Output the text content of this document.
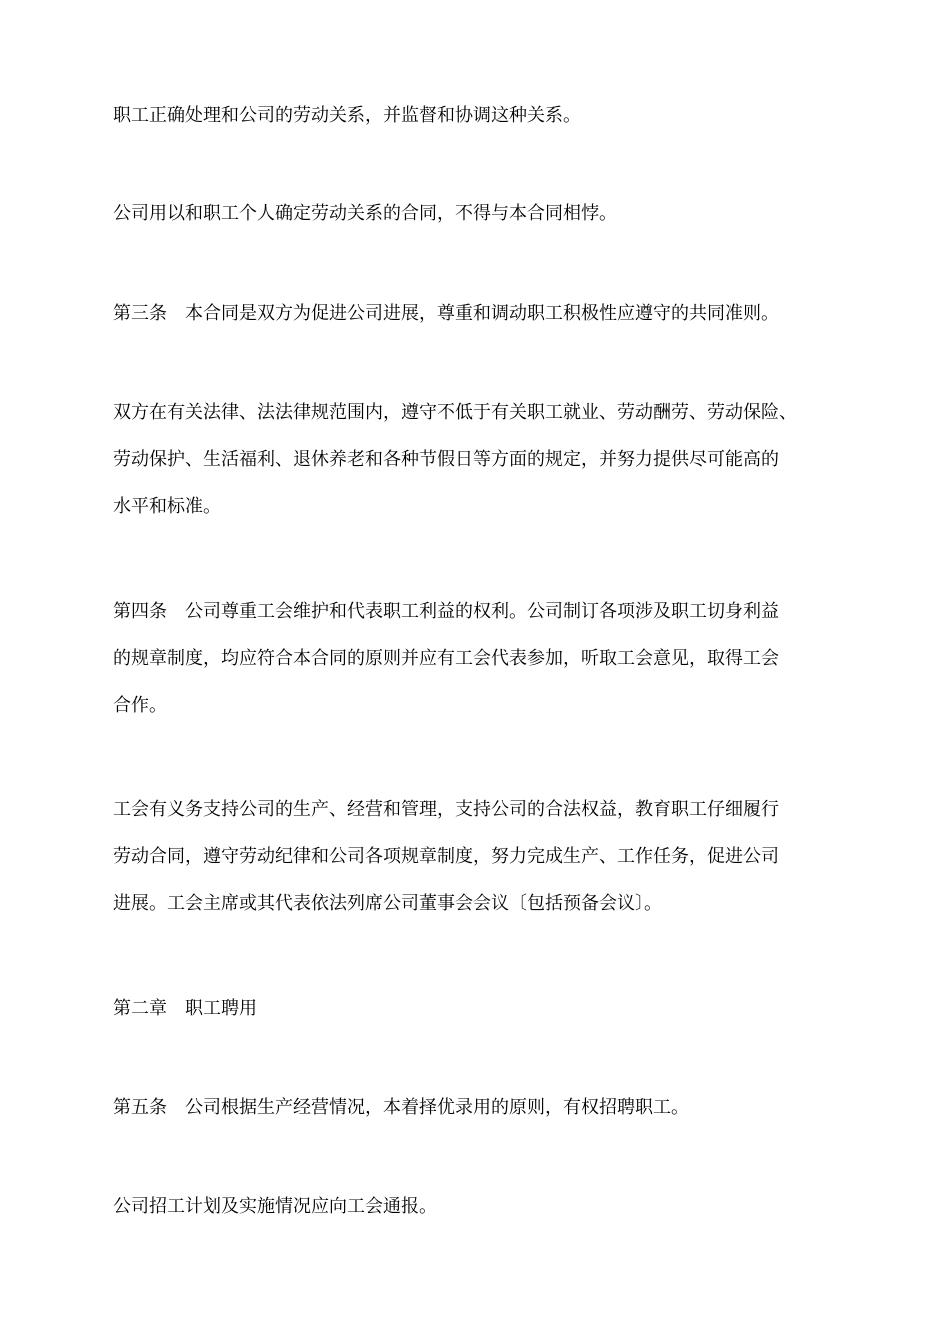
职工正确处理和公司的劳动关系，并监督和协调这种关系。
公司用以和职工个人确定劳动关系的合同，不得与本合同相悖。
第三条　本合同是双方为促进公司进展，尊重和调动职工积极性应遵守的共同准则。
双方在有关法律、法法律规范围内，遵守不低于有关职工就业、劳动酬劳、劳动保险、
劳动保护、生活福利、退休养老和各种节假日等方面的规定，并努力提供尽可能高的
水平和标准。
第四条　公司尊重工会维护和代表职工利益的权利。公司制订各项涉及职工切身利益
的规章制度，均应符合本合同的原则并应有工会代表参加，听取工会意见，取得工会
合作。
工会有义务支持公司的生产、经营和管理，支持公司的合法权益，教育职工仔细履行
劳动合同，遵守劳动纪律和公司各项规章制度，努力完成生产、工作任务，促进公司
进展。工会主席或其代表依法列席公司董事会会议〔包括预备会议〕。
第二章　职工聘用
第五条　公司根据生产经营情况，本着择优录用的原则，有权招聘职工。
公司招工计划及实施情况应向工会通报。
